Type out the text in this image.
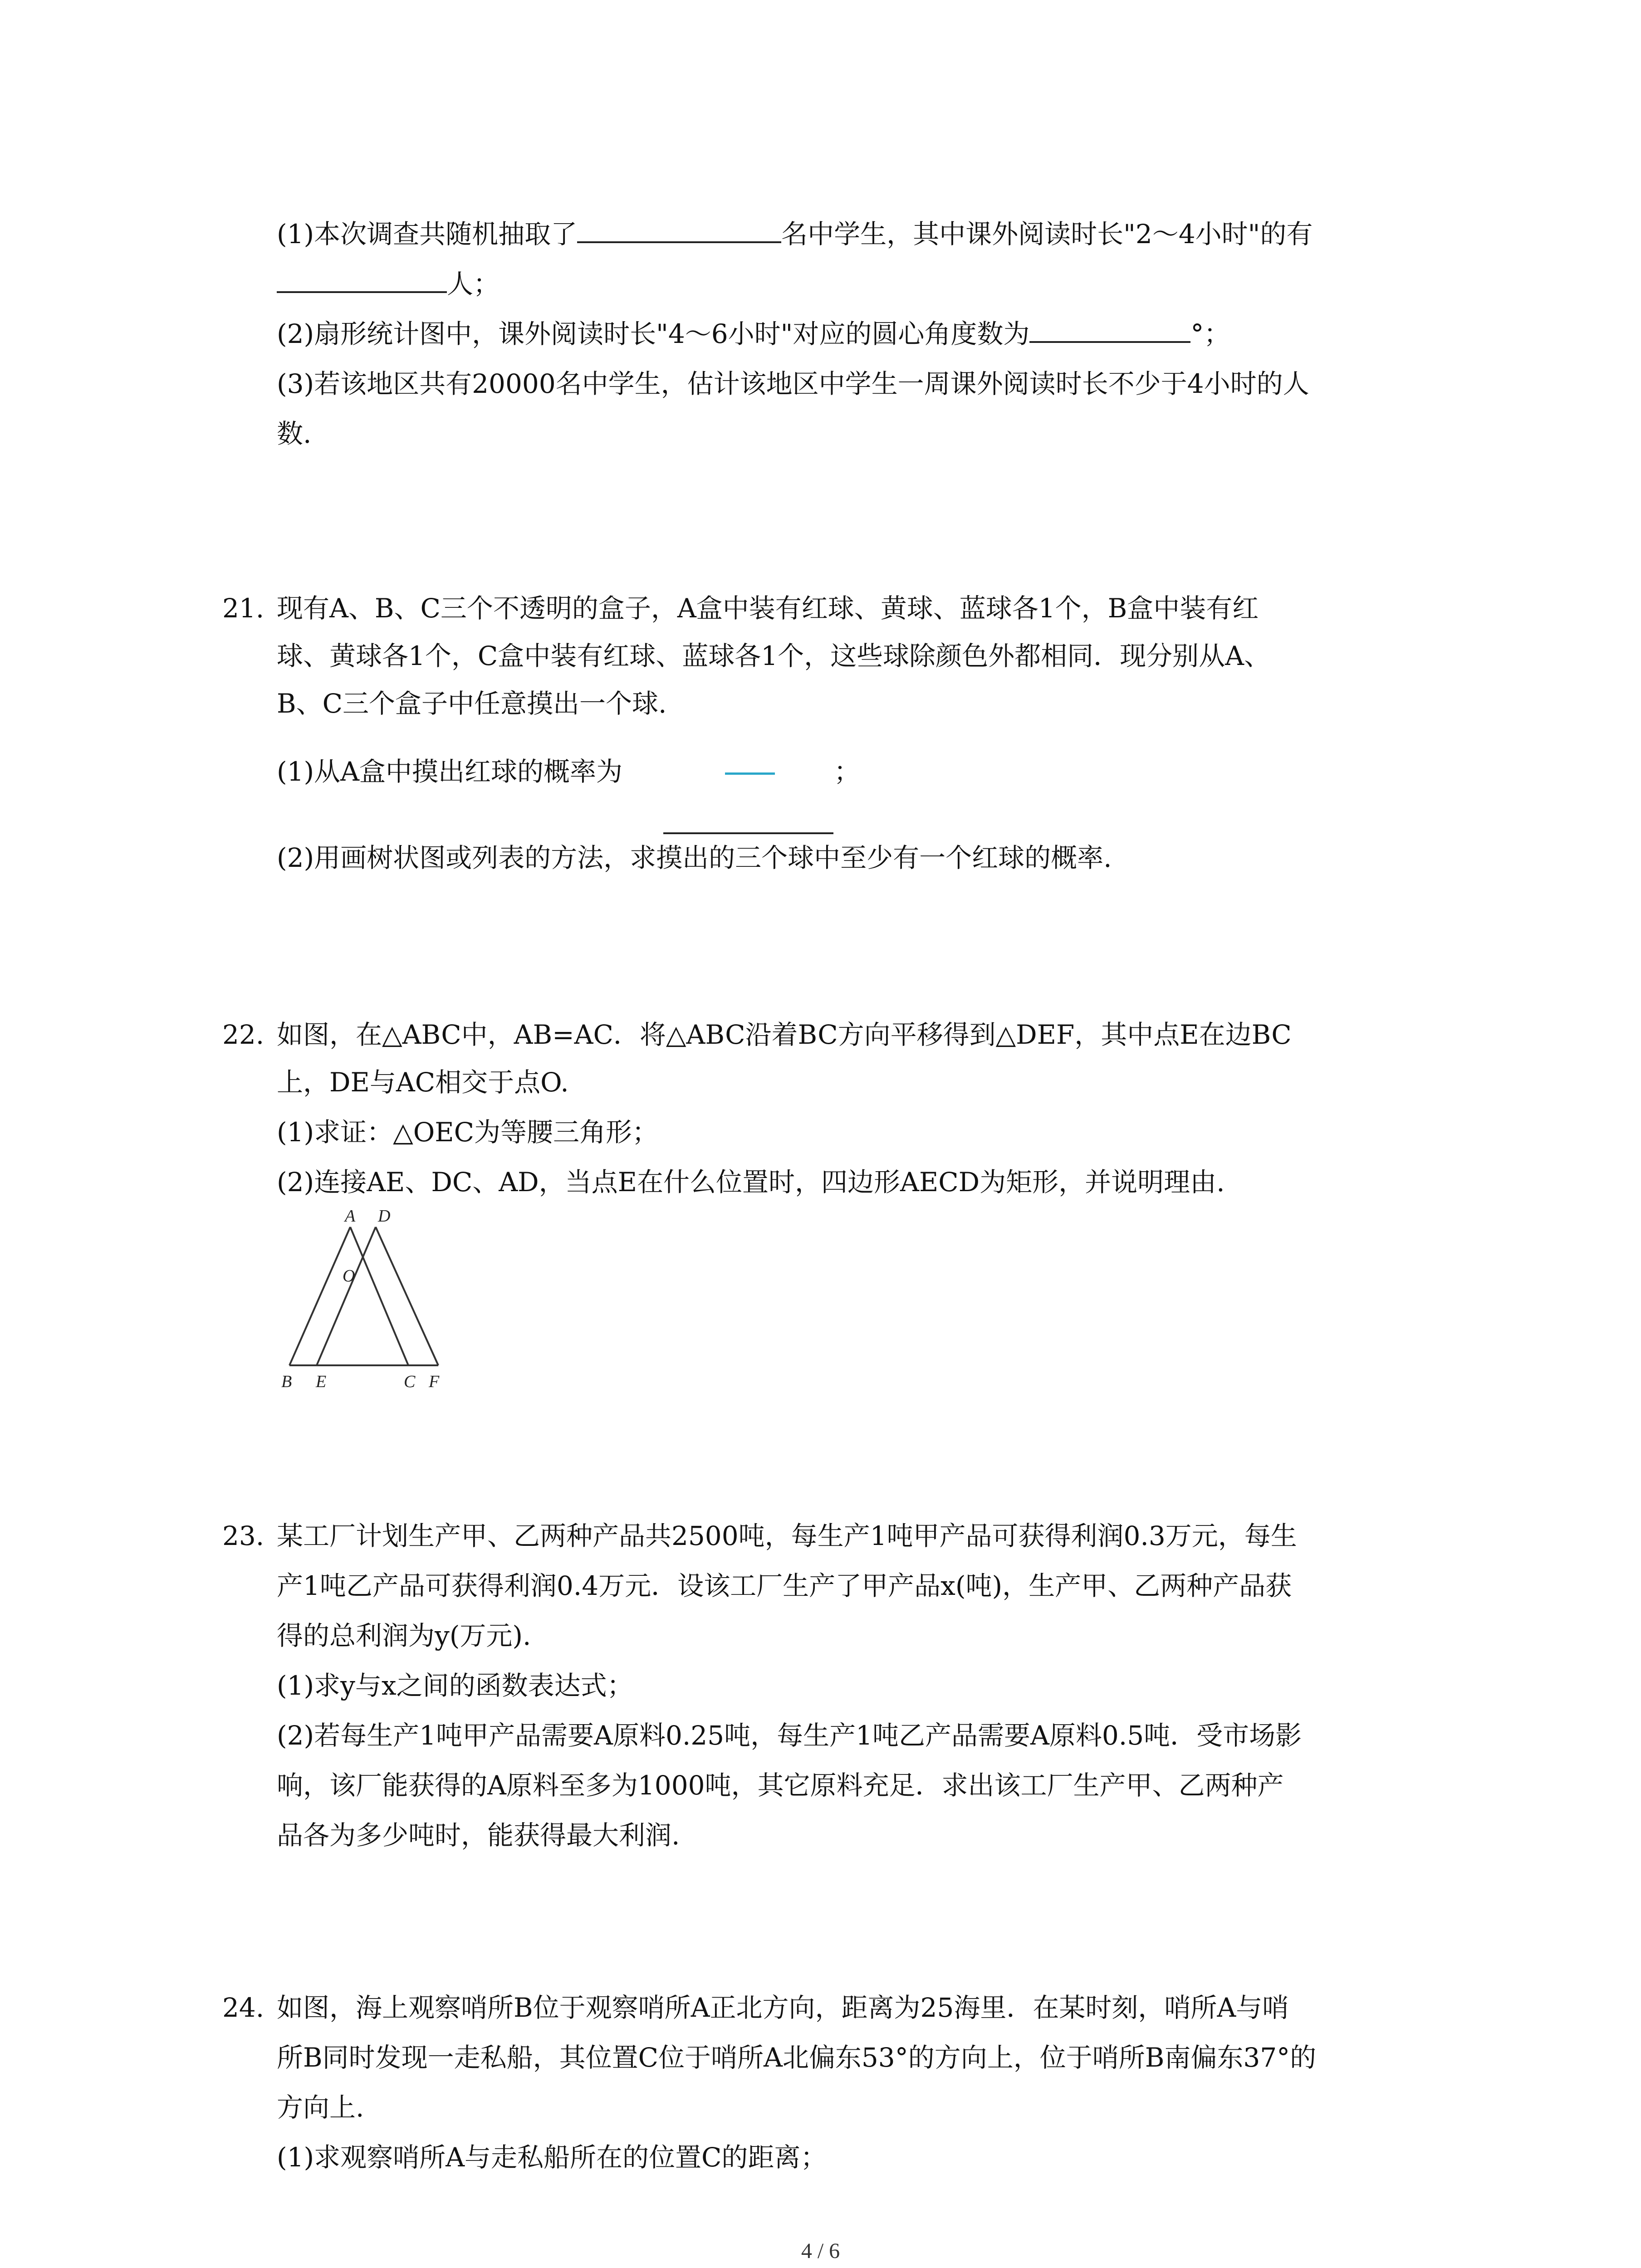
(1)本次调查共随机抽取了	名中学生，其中课外阅读时长"2～4小时"的有
人；
(2)扇形统计图中，课外阅读时长"4～6小时"对应的圆心角度数为	°；
(3)若该地区共有20000名中学生，估计该地区中学生一周课外阅读时长不少于4小时的人
数.
21. 现有A、B、C三个不透明的盒子，A盒中装有红球、黄球、蓝球各1个，B盒中装有红
球、黄球各1个，C盒中装有红球、蓝球各1个，这些球除颜色外都相同．现分别从A、
B、C三个盒子中任意摸出一个球.
(1)从A盒中摸出红球的概率为	；
(2)用画树状图或列表的方法，求摸出的三个球中至少有一个红球的概率.
22. 如图，在△ABC中，AB=AC．将△ABC沿着BC方向平移得到△DEF，其中点E在边BC
上，DE与AC相交于点O.
(1)求证：△OEC为等腰三角形；
(2)连接AE、DC、AD，当点E在什么位置时，四边形AECD为矩形，并说明理由.
A D
O
B E	C F
23. 某工厂计划生产甲、乙两种产品共2500吨，每生产1吨甲产品可获得利润0.3万元，每生
产1吨乙产品可获得利润0.4万元．设该工厂生产了甲产品x(吨)，生产甲、乙两种产品获
得的总利润为y(万元).
(1)求y与x之间的函数表达式；
(2)若每生产1吨甲产品需要A原料0.25吨，每生产1吨乙产品需要A原料0.5吨．受市场影
响，该厂能获得的A原料至多为1000吨，其它原料充足．求出该工厂生产甲、乙两种产
品各为多少吨时，能获得最大利润.
24. 如图，海上观察哨所B位于观察哨所A正北方向，距离为25海里．在某时刻，哨所A与哨
所B同时发现一走私船，其位置C位于哨所A北偏东53°的方向上，位于哨所B南偏东37°的
方向上.
(1)求观察哨所A与走私船所在的位置C的距离；
4 / 6
